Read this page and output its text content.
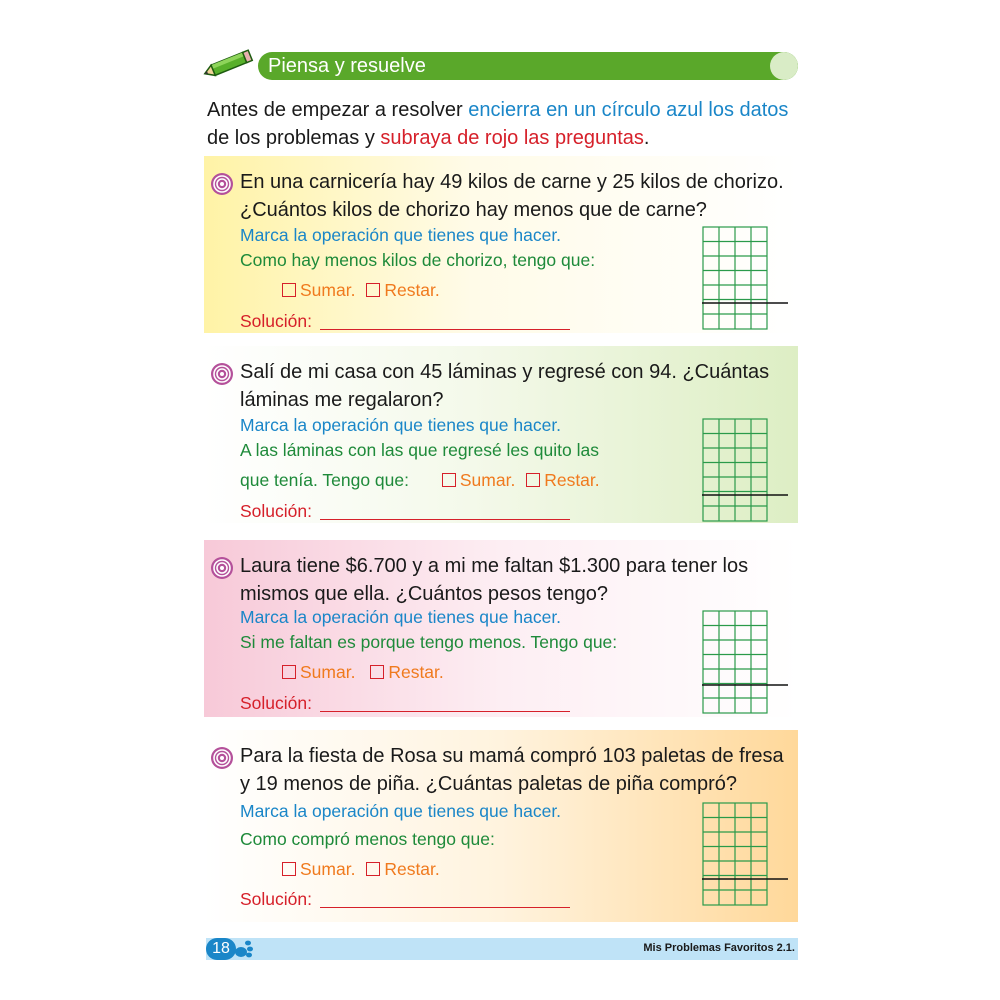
Piensa y resuelve
Antes de empezar a resolver encierra en un círculo azul los datos
de los problemas y subraya de rojo las preguntas.
En una carnicería hay 49 kilos de carne y 25 kilos de chorizo. ¿Cuántos kilos de chorizo hay menos que de carne?
Marca la operación que tienes que hacer.
Como hay menos kilos de chorizo, tengo que:
Sumar. Restar.
Solución:
Salí de mi casa con 45 láminas y regresé con 94. ¿Cuántas láminas me regalaron?
Marca la operación que tienes que hacer.
A las láminas con las que regresé les quito las
que tenía. Tengo que:	Sumar. Restar.
Solución:
Laura tiene $6.700 y a mi me faltan $1.300 para tener los mismos que ella. ¿Cuántos pesos tengo?
Marca la operación que tienes que hacer.
Si me faltan es porque tengo menos. Tengo que:
Sumar. Restar.
Solución:
Para la fiesta de Rosa su mamá compró 103 paletas de fresa y 19 menos de piña. ¿Cuántas paletas de piña compró?
Marca la operación que tienes que hacer.
Como compró menos tengo que:
Sumar. Restar.
Solución:
18	Mis Problemas Favoritos 2.1.
